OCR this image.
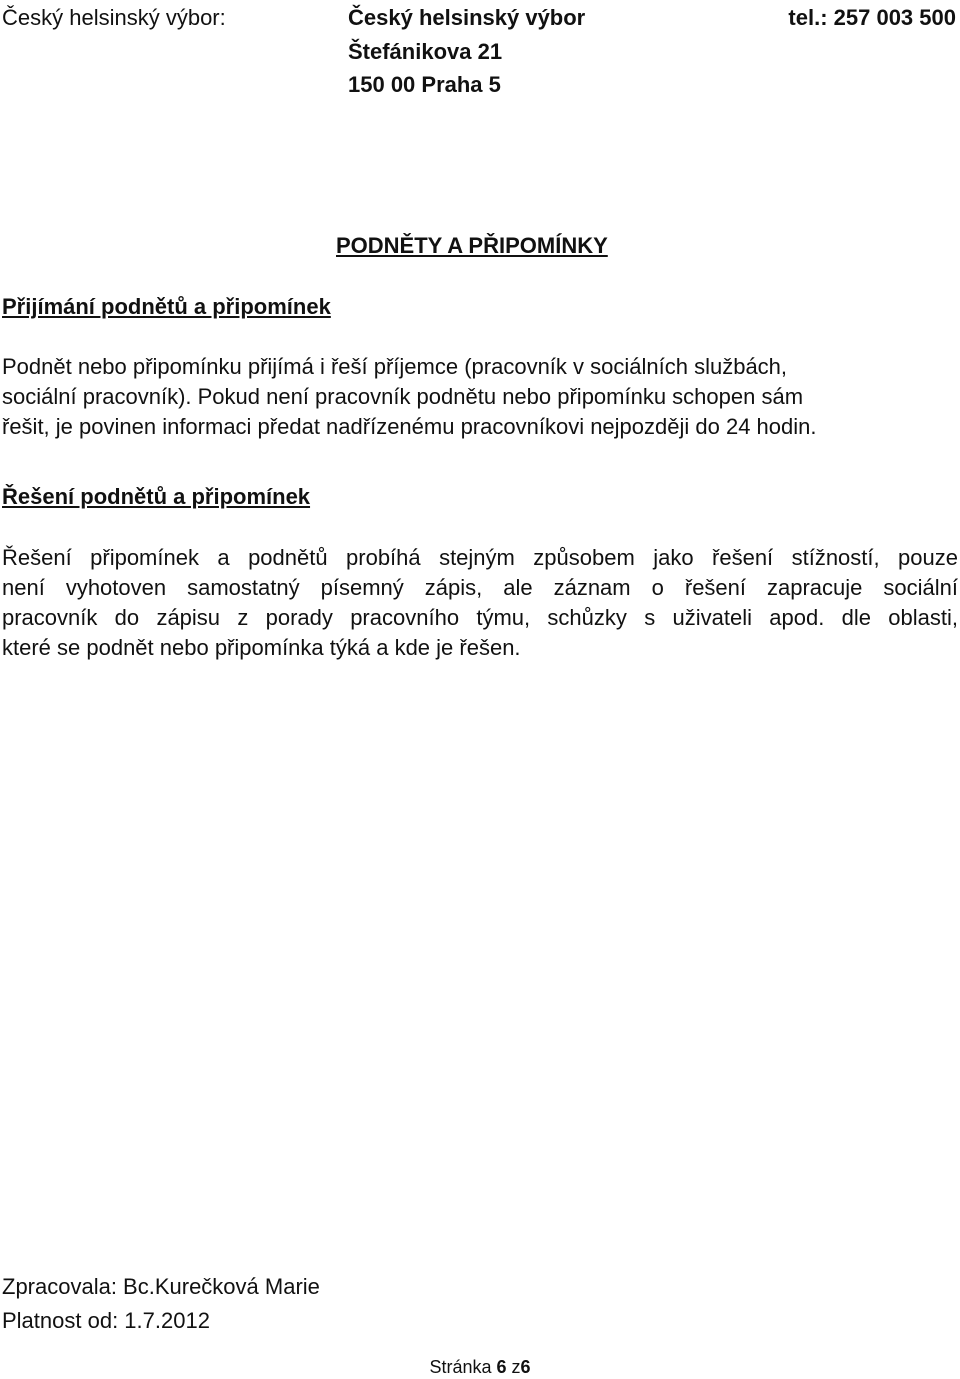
Český helsinský výbor:	Český helsinský výbor	tel.: 257 003 500
Štefánikova 21
150 00 Praha 5
PODNĚTY A PŘIPOMÍNKY
Přijímání podnětů a připomínek
Podnět nebo připomínku přijímá i řeší příjemce (pracovník v sociálních službách,
sociální pracovník). Pokud není pracovník podnětu nebo připomínku schopen sám
řešit, je povinen informaci předat nadřízenému pracovníkovi nejpozději do 24 hodin.
Řešení podnětů a připomínek
Řešení připomínek a podnětů probíhá stejným způsobem jako řešení stížností, pouze
není vyhotoven samostatný písemný zápis, ale záznam o řešení zapracuje sociální
pracovník do zápisu z porady pracovního týmu, schůzky s uživateli apod. dle oblasti,
které se podnět nebo připomínka týká a kde je řešen.
Zpracovala: Bc.Kurečková Marie
Platnost od: 1.7.2012
Stránka 6 z6
